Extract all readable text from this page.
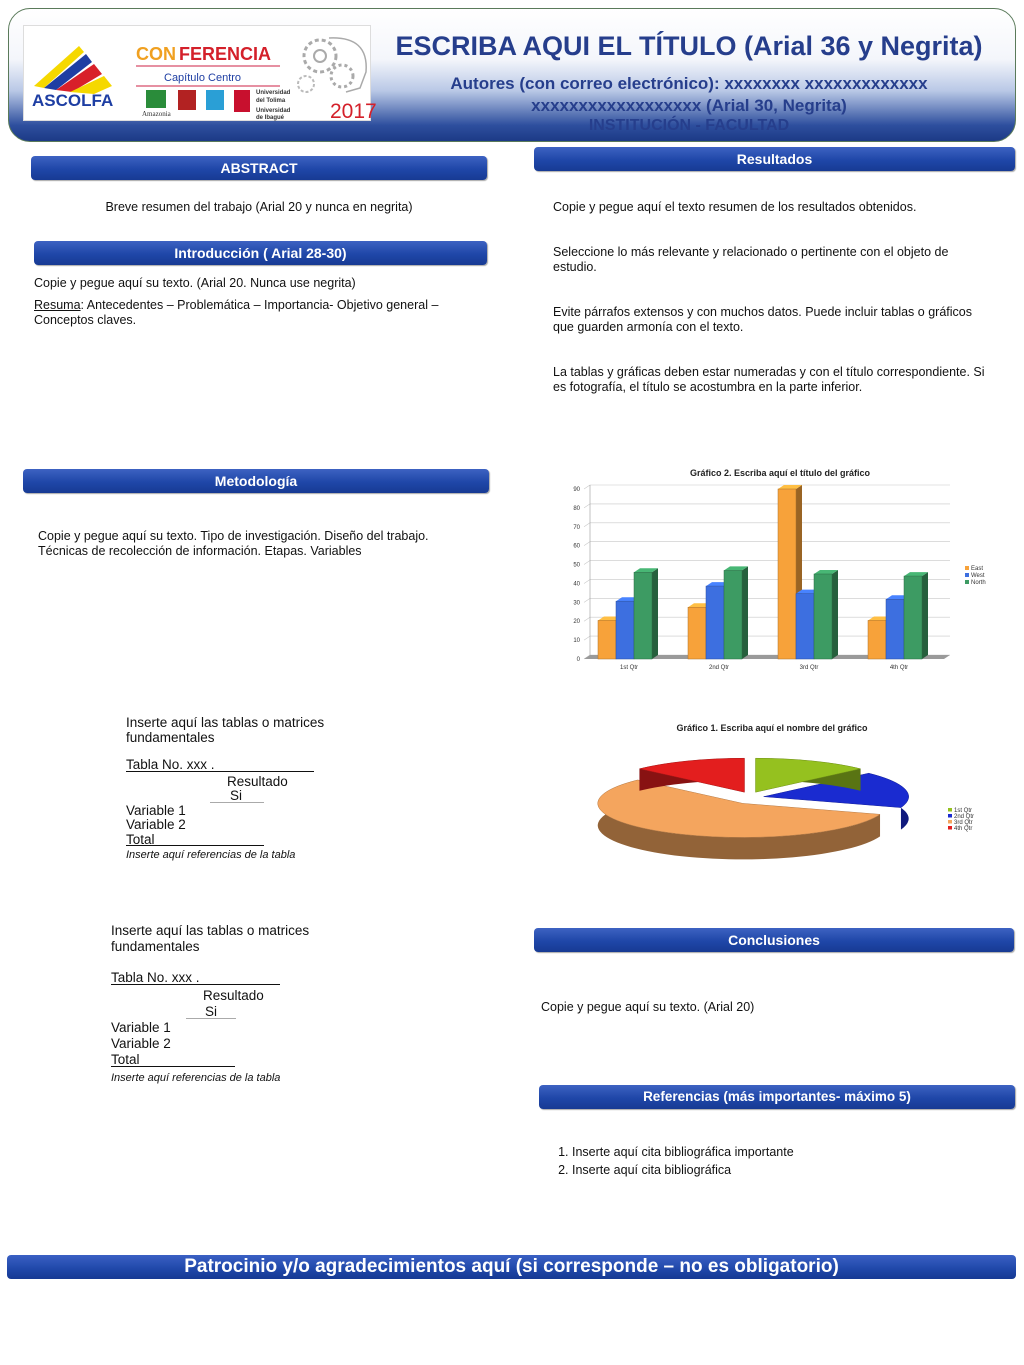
ASCOLFA
CON FERENCIA
Capítulo Centro
Amazonia
Universidad
del Tolima
Universidad
de Ibagué 2017
ESCRIBA AQUI EL TÍTULO (Arial 36 y Negrita)
Autores (con correo electrónico): xxxxxxxx xxxxxxxxxxxxx
xxxxxxxxxxxxxxxxxx (Arial 30, Negrita)
INSTITUCIÓN - FACULTAD
ABSTRACT
Breve resumen del trabajo (Arial 20 y nunca en negrita)
Introducción ( Arial 28-30)
Copie y pegue aquí su texto. (Arial 20. Nunca use negrita)
Resuma: Antecedentes – Problemática – Importancia- Objetivo general – Conceptos claves.
Metodología
Copie y pegue aquí su texto. Tipo de investigación. Diseño del trabajo. Técnicas de recolección de información. Etapas. Variables
Inserte aquí las tablas o matrices fundamentales
Tabla No. xxx .
Resultado
Si
Variable 1
Variable 2
Total
Inserte aquí referencias de la tabla
Inserte aquí las tablas o matrices fundamentales
Tabla No. xxx .
Resultado
Si
Variable 1
Variable 2
Total
Inserte aquí referencias de la tabla
Resultados
Copie y pegue aquí el texto resumen de los resultados obtenidos.
Seleccione lo más relevante y relacionado o pertinente con el objeto de estudio.
Evite párrafos extensos y con muchos datos. Puede incluir tablas o gráficos que guarden armonía con el texto.
La tablas y gráficas deben estar numeradas y con el título correspondiente. Si es fotografía, el título se acostumbra en la parte inferior.
Gráfico 2. Escriba aquí el título del gráfico
0
10
20
30
40
50
60
70
80
90
1st Qtr	2nd Qtr	3rd Qtr	4th Qtr
East
West
North
Gráfico 1. Escriba aquí el nombre del gráfico
1st Qtr
2nd Qtr
3rd Qtr
4th Qtr
Conclusiones
Copie y pegue aquí su texto. (Arial 20)
Referencias (más importantes- máximo 5)
1. Inserte aquí cita bibliográfica importante
2. Inserte aquí cita bibliográfica
Patrocinio y/o agradecimientos aquí (si corresponde – no es obligatorio)
